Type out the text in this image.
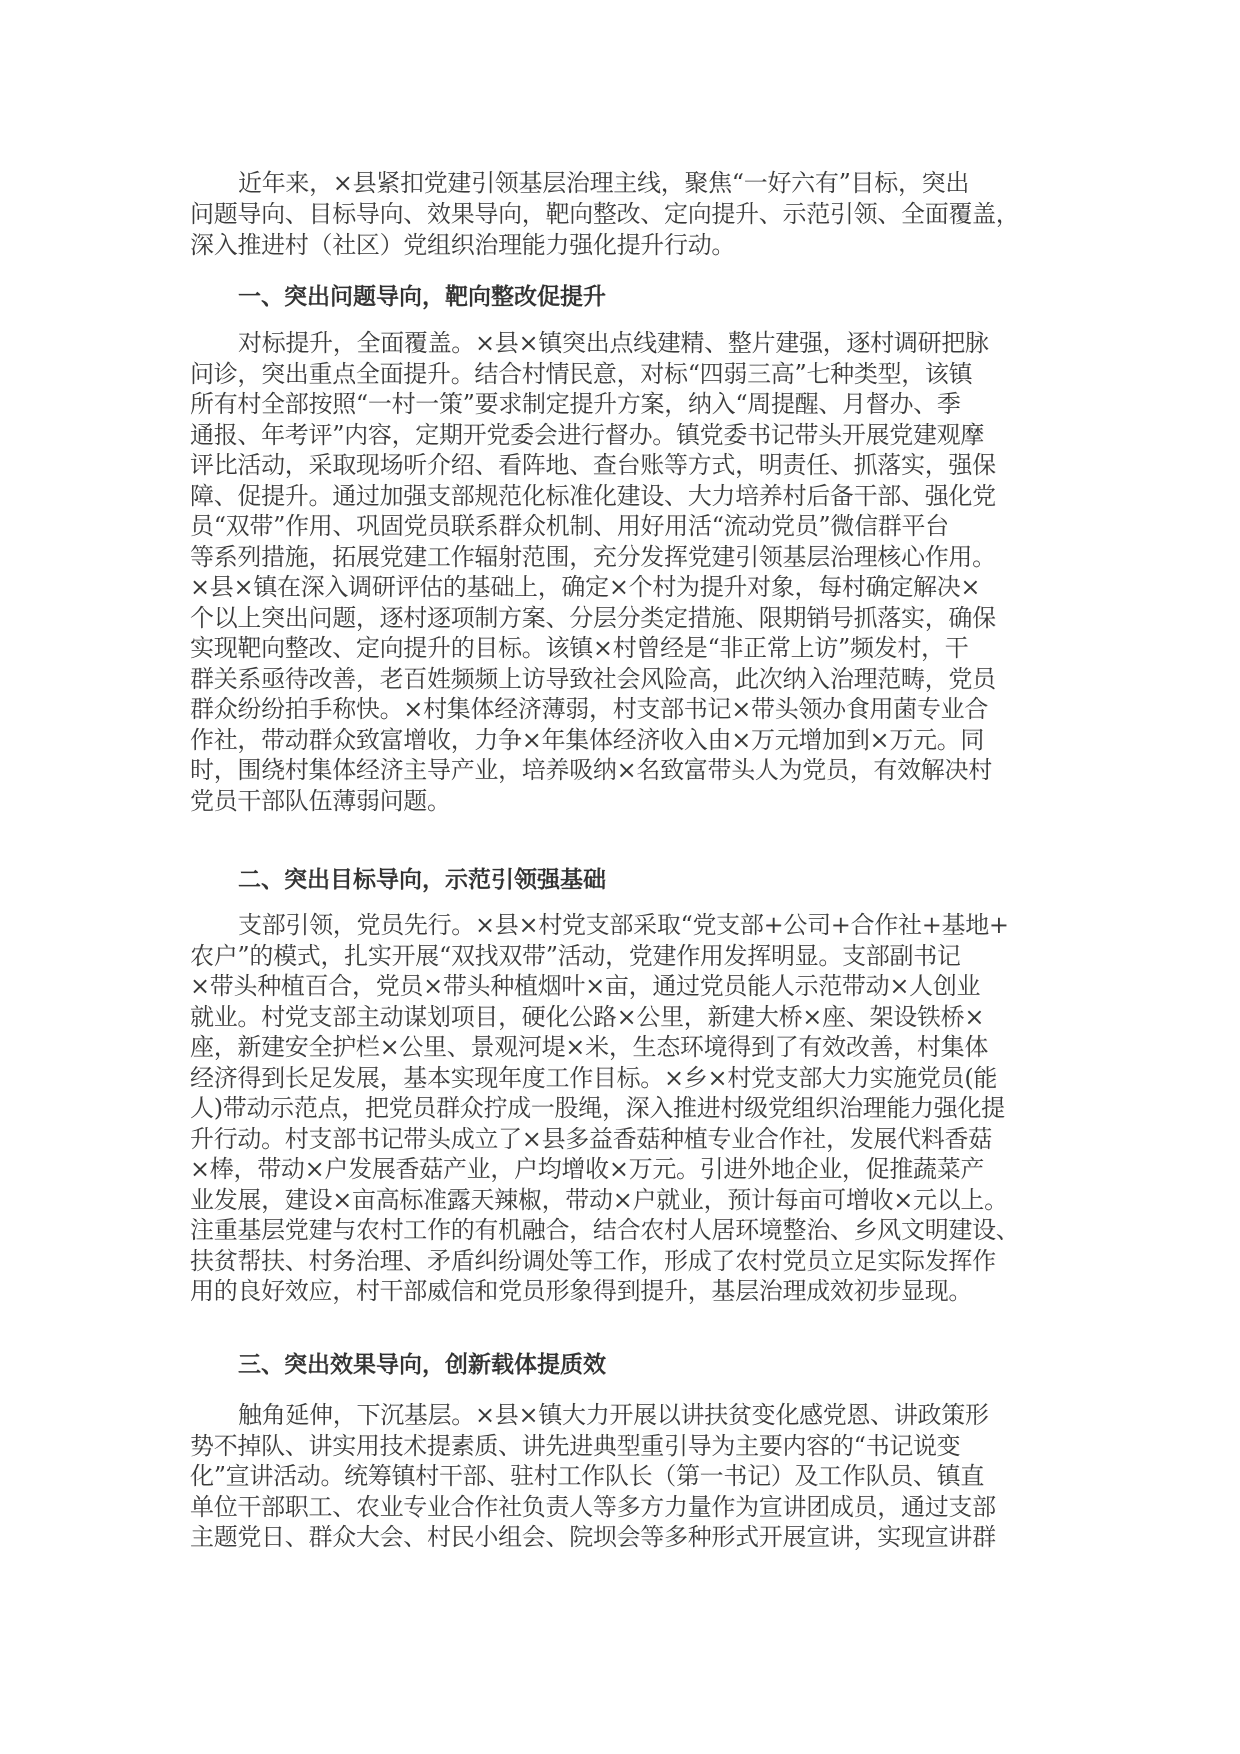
近年来，×县紧扣党建引领基层治理主线，聚焦“一好六有”目标，突出
问题导向、目标导向、效果导向，靶向整改、定向提升、示范引领、全面覆盖，
深入推进村（社区）党组织治理能力强化提升行动。
一、突出问题导向，靶向整改促提升
对标提升，全面覆盖。×县×镇突出点线建精、整片建强，逐村调研把脉
问诊，突出重点全面提升。结合村情民意，对标“四弱三高”七种类型，该镇
所有村全部按照“一村一策”要求制定提升方案，纳入“周提醒、月督办、季
通报、年考评”内容，定期开党委会进行督办。镇党委书记带头开展党建观摩
评比活动，采取现场听介绍、看阵地、查台账等方式，明责任、抓落实，强保
障、促提升。通过加强支部规范化标准化建设、大力培养村后备干部、强化党
员“双带”作用、巩固党员联系群众机制、用好用活“流动党员”微信群平台
等系列措施，拓展党建工作辐射范围，充分发挥党建引领基层治理核心作用。
×县×镇在深入调研评估的基础上，确定×个村为提升对象，每村确定解决×
个以上突出问题，逐村逐项制方案、分层分类定措施、限期销号抓落实，确保
实现靶向整改、定向提升的目标。该镇×村曾经是“非正常上访”频发村，干
群关系亟待改善，老百姓频频上访导致社会风险高，此次纳入治理范畴，党员
群众纷纷拍手称快。×村集体经济薄弱，村支部书记×带头领办食用菌专业合
作社，带动群众致富增收，力争×年集体经济收入由×万元增加到×万元。同
时，围绕村集体经济主导产业，培养吸纳×名致富带头人为党员，有效解决村
党员干部队伍薄弱问题。
二、突出目标导向，示范引领强基础
支部引领，党员先行。×县×村党支部采取“党支部+公司+合作社+基地+
农户”的模式，扎实开展“双找双带”活动，党建作用发挥明显。支部副书记
×带头种植百合，党员×带头种植烟叶×亩，通过党员能人示范带动×人创业
就业。村党支部主动谋划项目，硬化公路×公里，新建大桥×座、架设铁桥×
座，新建安全护栏×公里、景观河堤×米，生态环境得到了有效改善，村集体
经济得到长足发展，基本实现年度工作目标。×乡×村党支部大力实施党员(能
人)带动示范点，把党员群众拧成一股绳，深入推进村级党组织治理能力强化提
升行动。村支部书记带头成立了×县多益香菇种植专业合作社，发展代料香菇
×棒，带动×户发展香菇产业，户均增收×万元。引进外地企业，促推蔬菜产
业发展，建设×亩高标准露天辣椒，带动×户就业，预计每亩可增收×元以上。
注重基层党建与农村工作的有机融合，结合农村人居环境整治、乡风文明建设、
扶贫帮扶、村务治理、矛盾纠纷调处等工作，形成了农村党员立足实际发挥作
用的良好效应，村干部威信和党员形象得到提升，基层治理成效初步显现。
三、突出效果导向，创新载体提质效
触角延伸，下沉基层。×县×镇大力开展以讲扶贫变化感党恩、讲政策形
势不掉队、讲实用技术提素质、讲先进典型重引导为主要内容的“书记说变
化”宣讲活动。统筹镇村干部、驻村工作队长（第一书记）及工作队员、镇直
单位干部职工、农业专业合作社负责人等多方力量作为宣讲团成员，通过支部
主题党日、群众大会、村民小组会、院坝会等多种形式开展宣讲，实现宣讲群
